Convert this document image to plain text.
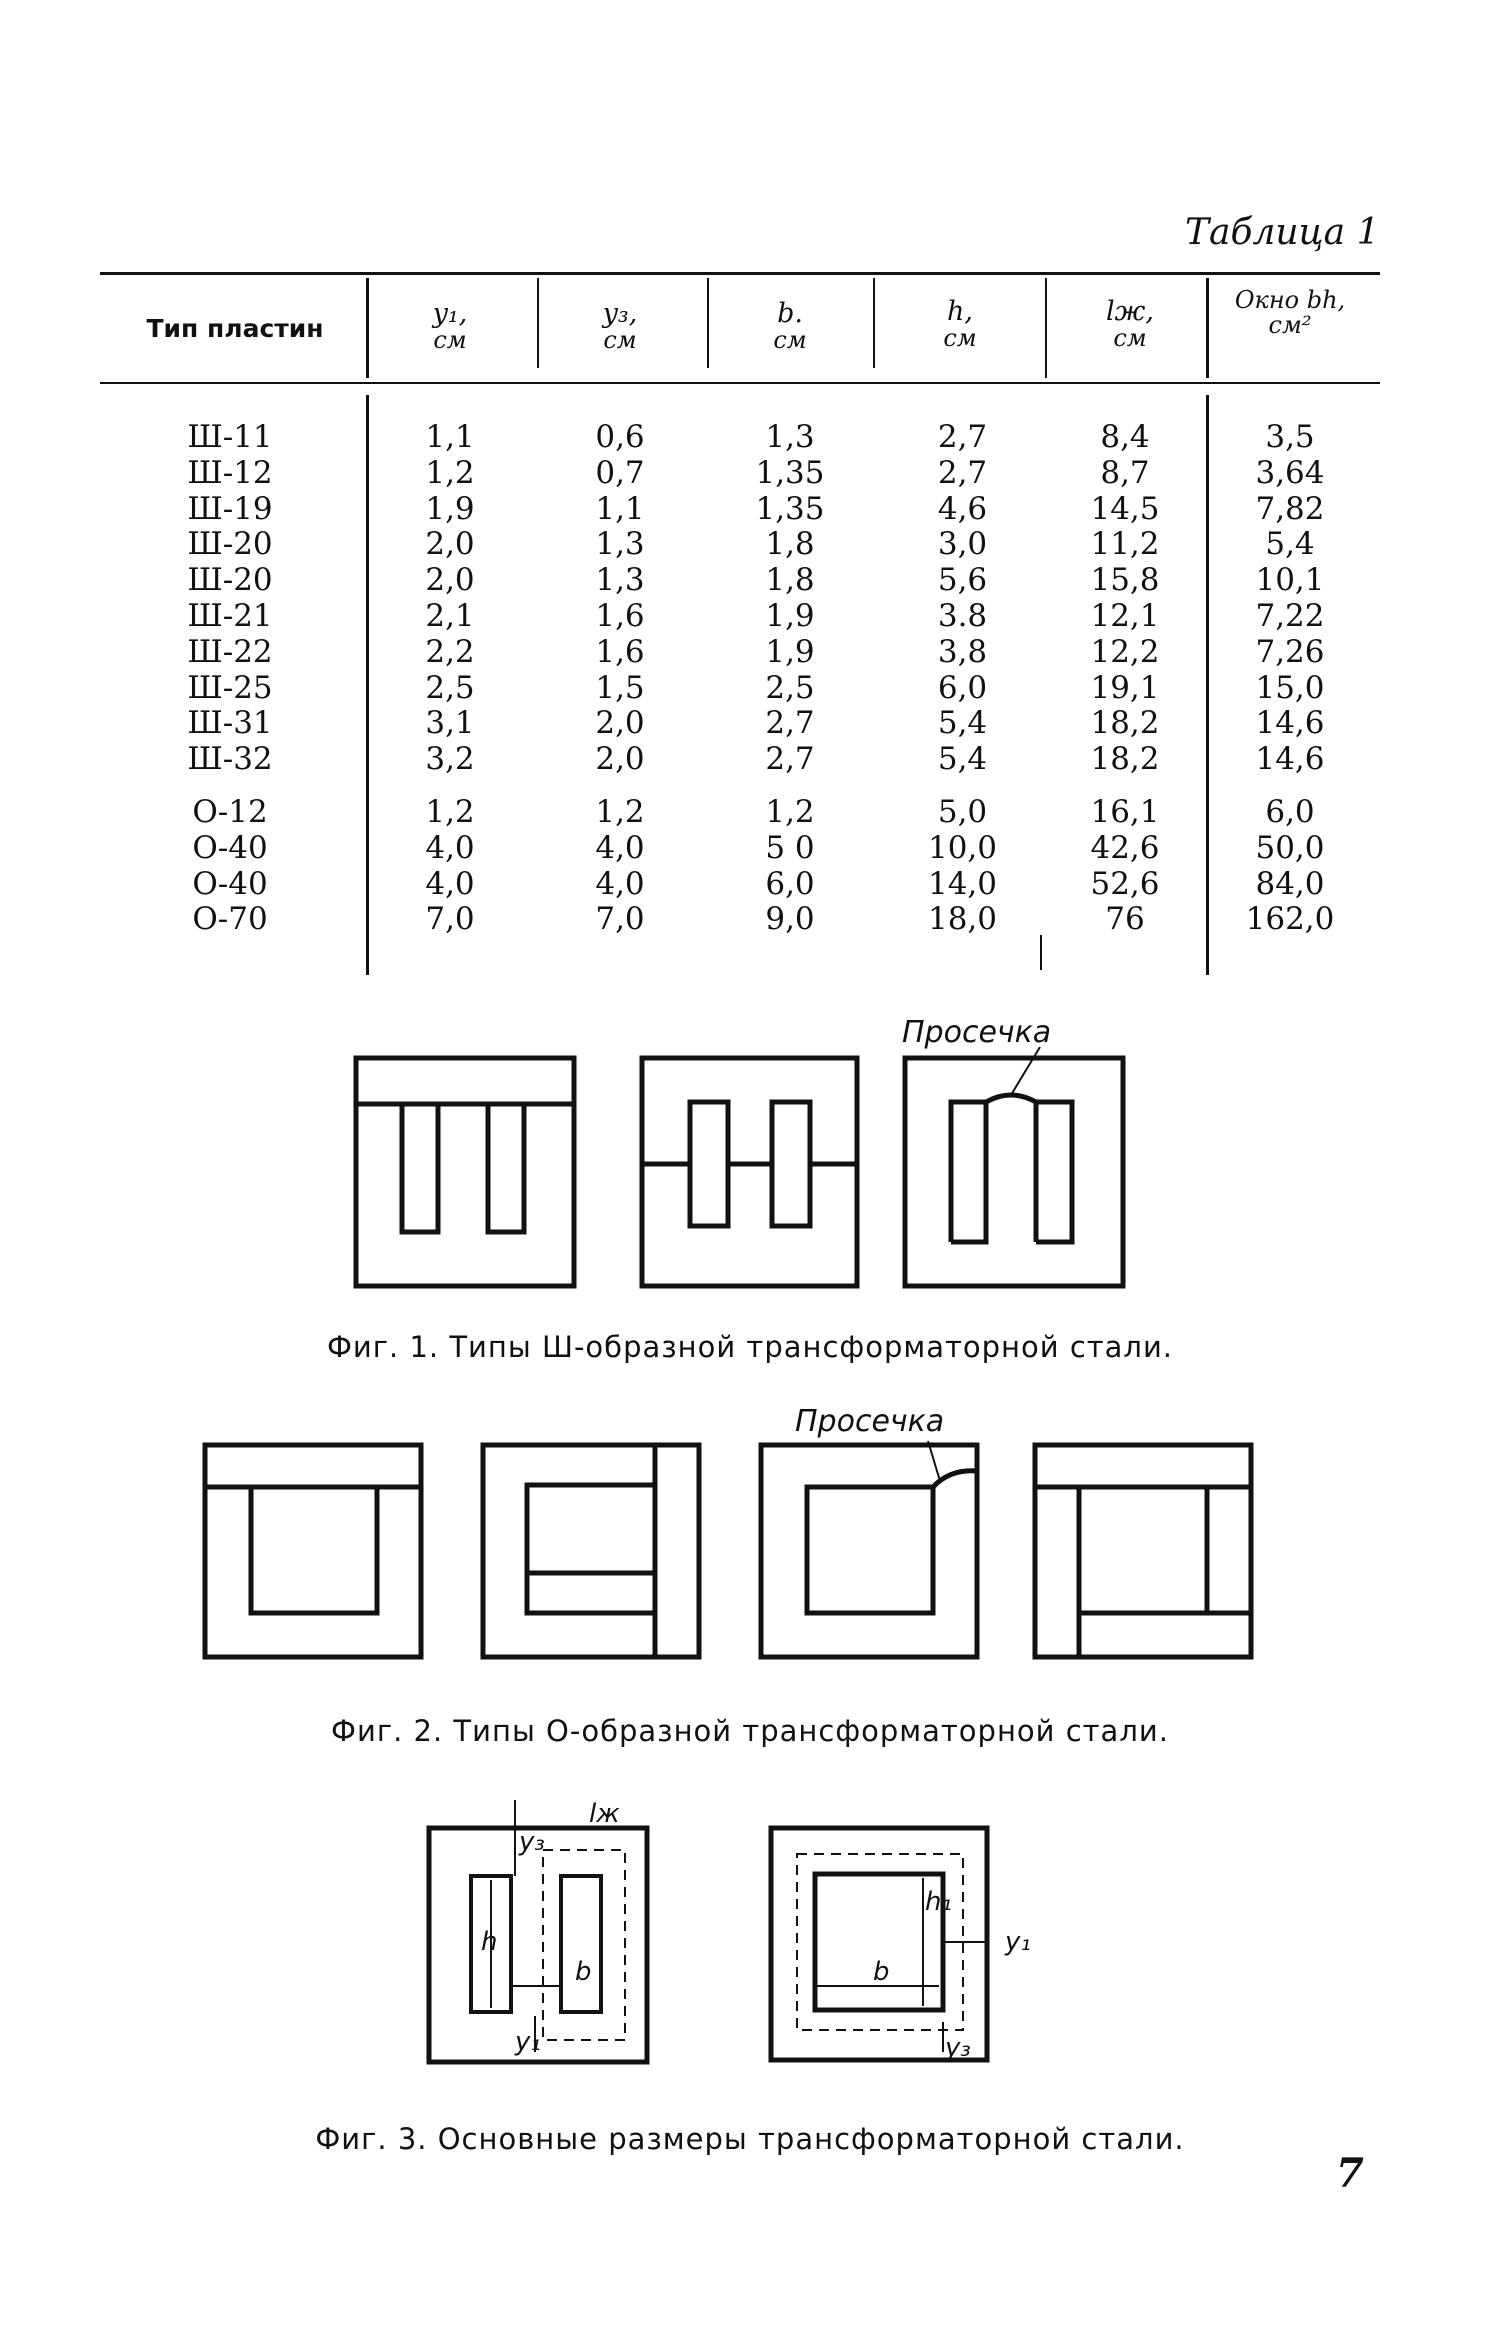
Таблица 1
Тип пластин	y₁,
см
y₃,
см
b.
см
h,
см
lж,
см
Окно bh,
см²
Ш-11
Ш-12
Ш-19
Ш-20
Ш-20
Ш-21
Ш-22
Ш-25
Ш-31
Ш-32
1,1
1,2
1,9
2,0
2,0
2,1
2,2
2,5
3,1
3,2
0,6
0,7
1,1
1,3
1,3
1,6
1,6
1,5
2,0
2,0
1,3
1,35
1,35
1,8
1,8
1,9
1,9
2,5
2,7
2,7
2,7
2,7
4,6
3,0
5,6
3.8
3,8
6,0
5,4
5,4
8,4
8,7
14,5
11,2
15,8
12,1
12,2
19,1
18,2
18,2
3,5
3,64
7,82
5,4
10,1
7,22
7,26
15,0
14,6
14,6
О-12
О-40
О-40
О-70
1,2
4,0
4,0
7,0
1,2
4,0
4,0
7,0
1,2
5 0
6,0
9,0
5,0
10,0
14,0
18,0
16,1
42,6
52,6
76
6,0
50,0
84,0
162,0
Просечка
Фиг. 1. Типы Ш-образной трансформаторной стали.
Просечка
Фиг. 2. Типы О-образной трансформаторной стали.
lж
y₃
h
b
y₁
h₁
b
y₁
y₃
Фиг. 3. Основные размеры трансформаторной стали.
7
